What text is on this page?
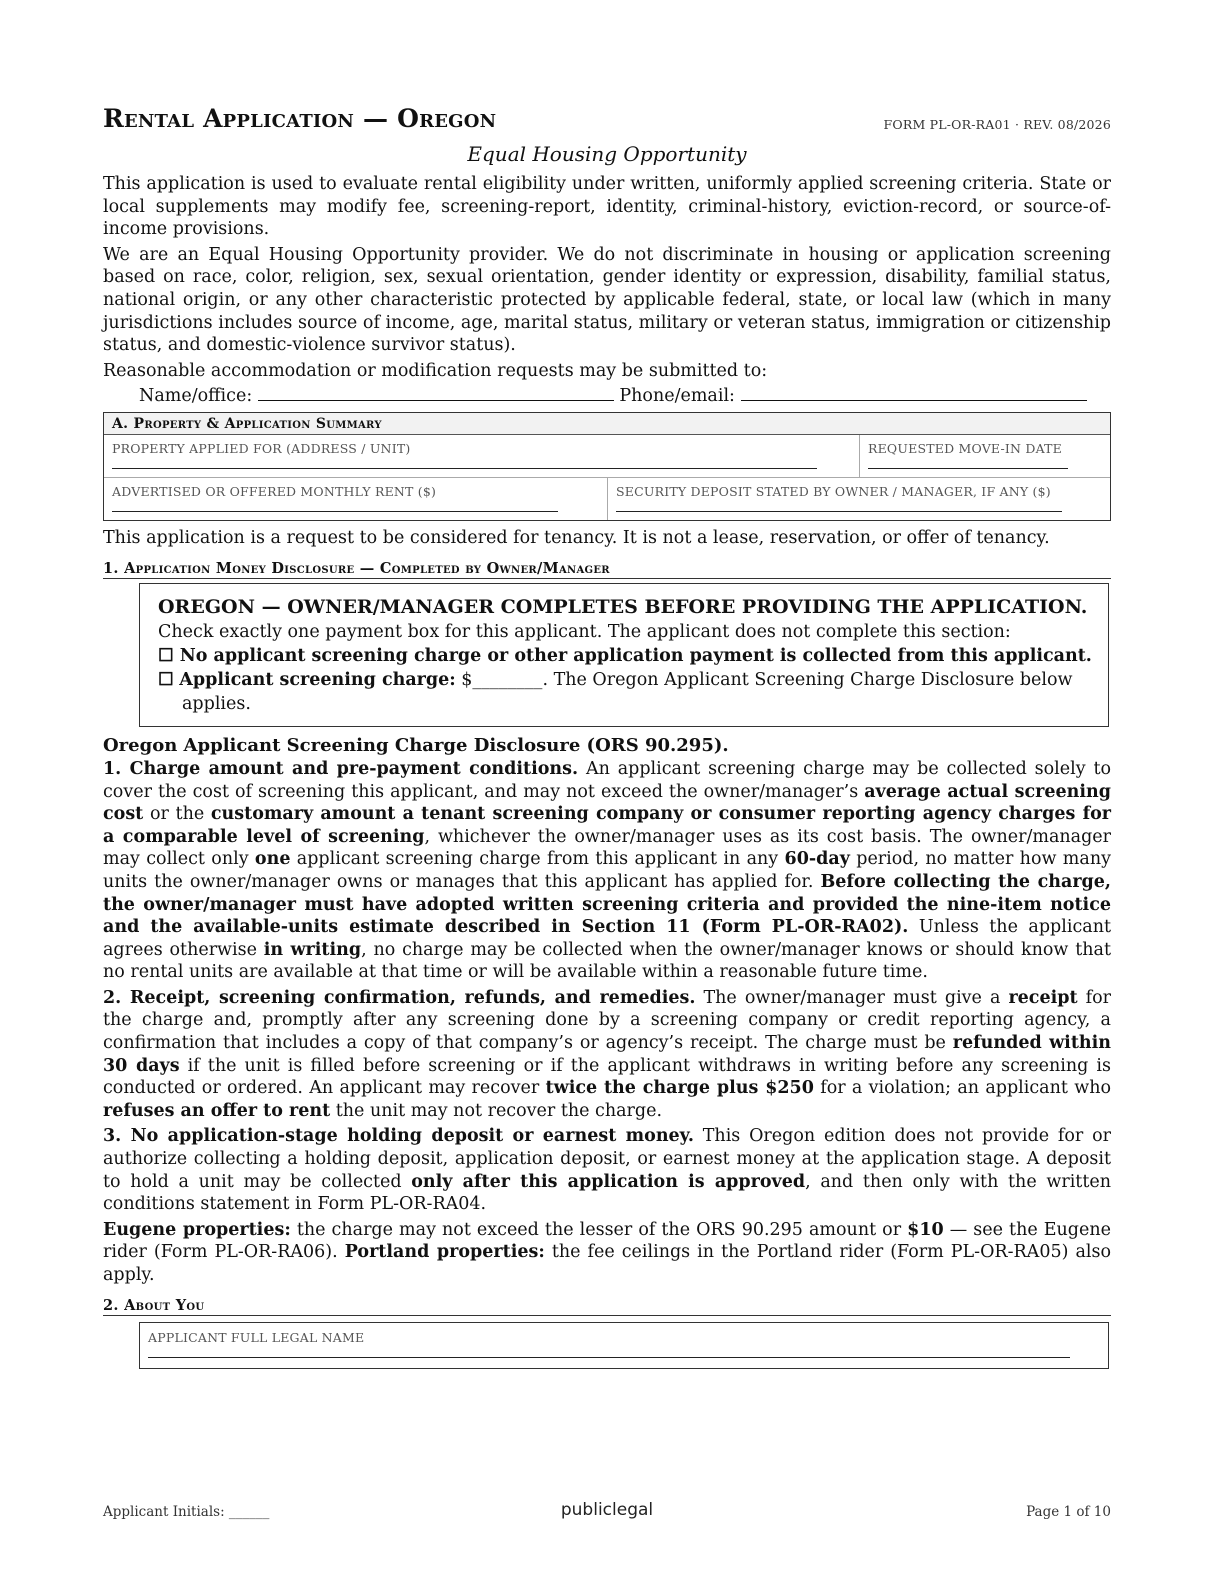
Rental Application — Oregon	FORM PL-OR-RA01 · REV. 08/2026
Equal Housing Opportunity

This application is used to evaluate rental eligibility under written, uniformly applied screening criteria. State or local supplements may modify fee, screening-report, identity, criminal-history, eviction-record, or source-of-income provisions.

We are an Equal Housing Opportunity provider. We do not discriminate in housing or application screening based on race, color, religion, sex, sexual orientation, gender identity or expression, disability, familial status, national origin, or any other characteristic protected by applicable federal, state, or local law (which in many jurisdictions includes source of income, age, marital status, military or veteran status, immigration or citizenship status, and domestic-violence survivor status).

Reasonable accommodation or modification requests may be submitted to:

Name/office:	Phone/email:
A. Property & Application Summary
PROPERTY APPLIED FOR (ADDRESS / UNIT)	REQUESTED MOVE-IN DATE
ADVERTISED OR OFFERED MONTHLY RENT ($)	SECURITY DEPOSIT STATED BY OWNER / MANAGER, IF ANY ($)

This application is a request to be considered for tenancy. It is not a lease, reservation, or offer of tenancy.

1. Application Money Disclosure — Completed by Owner/Manager

OREGON — OWNER/MANAGER COMPLETES BEFORE PROVIDING THE APPLICATION.

Check exactly one payment box for this applicant. The applicant does not complete this section:

☐ No applicant screening charge or other application payment is collected from this applicant.

☐ Applicant screening charge: $________. The Oregon Applicant Screening Charge Disclosure below applies.

Oregon Applicant Screening Charge Disclosure (ORS 90.295).

1. Charge amount and pre-payment conditions. An applicant screening charge may be collected solely to cover the cost of screening this applicant, and may not exceed the owner/manager’s average actual screening cost or the customary amount a tenant screening company or consumer reporting agency charges for a comparable level of screening, whichever the owner/manager uses as its cost basis. The owner/manager may collect only one applicant screening charge from this applicant in any 60-day period, no matter how many units the owner/manager owns or manages that this applicant has applied for. Before collecting the charge, the owner/manager must have adopted written screening criteria and provided the nine-item notice and the available-units estimate described in Section 11 (Form PL-OR-RA02). Unless the applicant agrees otherwise in writing, no charge may be collected when the owner/manager knows or should know that no rental units are available at that time or will be available within a reasonable future time.

2. Receipt, screening confirmation, refunds, and remedies. The owner/manager must give a receipt for the charge and, promptly after any screening done by a screening company or credit reporting agency, a confirmation that includes a copy of that company’s or agency’s receipt. The charge must be refunded within 30 days if the unit is filled before screening or if the applicant withdraws in writing before any screening is conducted or ordered. An applicant may recover twice the charge plus $250 for a violation; an applicant who refuses an offer to rent the unit may not recover the charge.

3. No application-stage holding deposit or earnest money. This Oregon edition does not provide for or authorize collecting a holding deposit, application deposit, or earnest money at the application stage. A deposit to hold a unit may be collected only after this application is approved, and then only with the written conditions statement in Form PL-OR-RA04.

Eugene properties: the charge may not exceed the lesser of the ORS 90.295 amount or $10 — see the Eugene rider (Form PL-OR-RA06). Portland properties: the fee ceilings in the Portland rider (Form PL-OR-RA05) also apply.

2. About You
APPLICANT FULL LEGAL NAME
Applicant Initials: ______	publiclegal	Page 1 of 10
